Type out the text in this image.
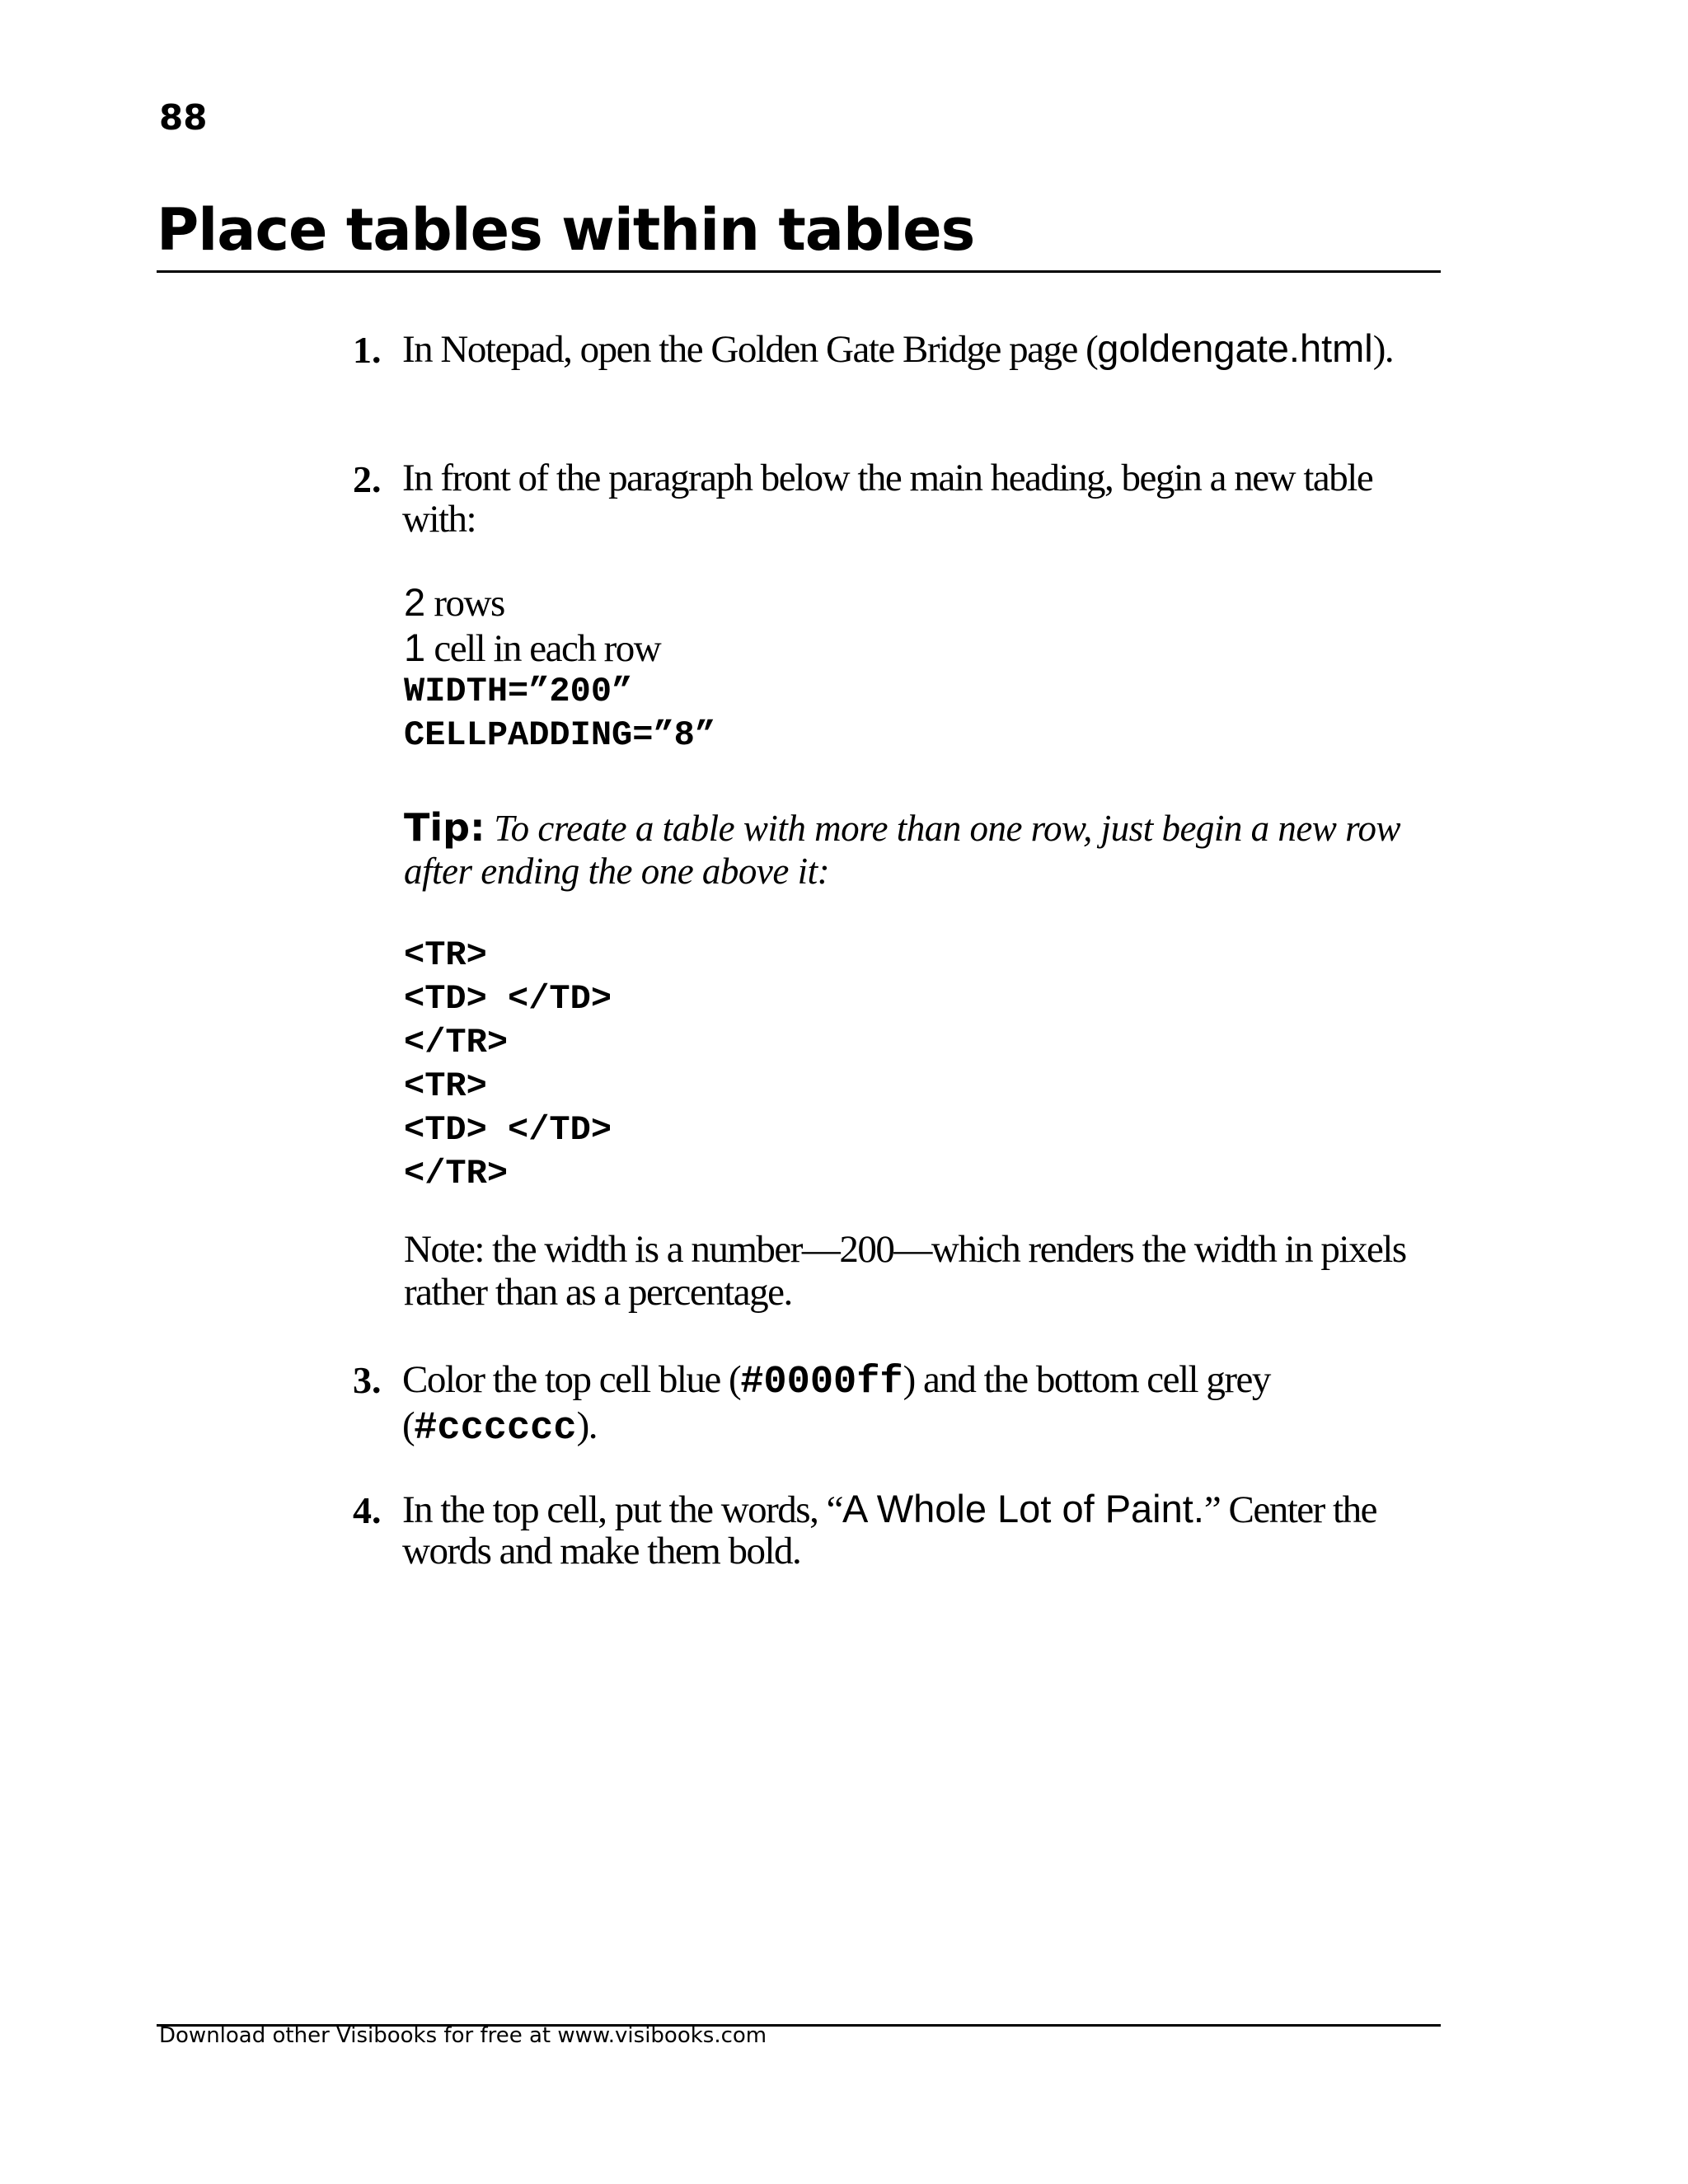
88
Place tables within tables
1. In Notepad, open the Golden Gate Bridge page (goldengate.html).
2. In front of the paragraph below the main heading, begin a new table with:
2 rows
1 cell in each row
WIDTH=”200”
CELLPADDING=”8”
Tip: To create a table with more than one row, just begin a new row after ending the one above it:
<TR>
<TD> </TD>
</TR>
<TR>
<TD> </TD>
</TR>
Note: the width is a number—200—which renders the width in pixels rather than as a percentage.
3. Color the top cell blue (#0000ff) and the bottom cell grey (#cccccc).
4. In the top cell, put the words, “A Whole Lot of Paint.” Center the words and make them bold.
Download other Visibooks for free at www.visibooks.com
